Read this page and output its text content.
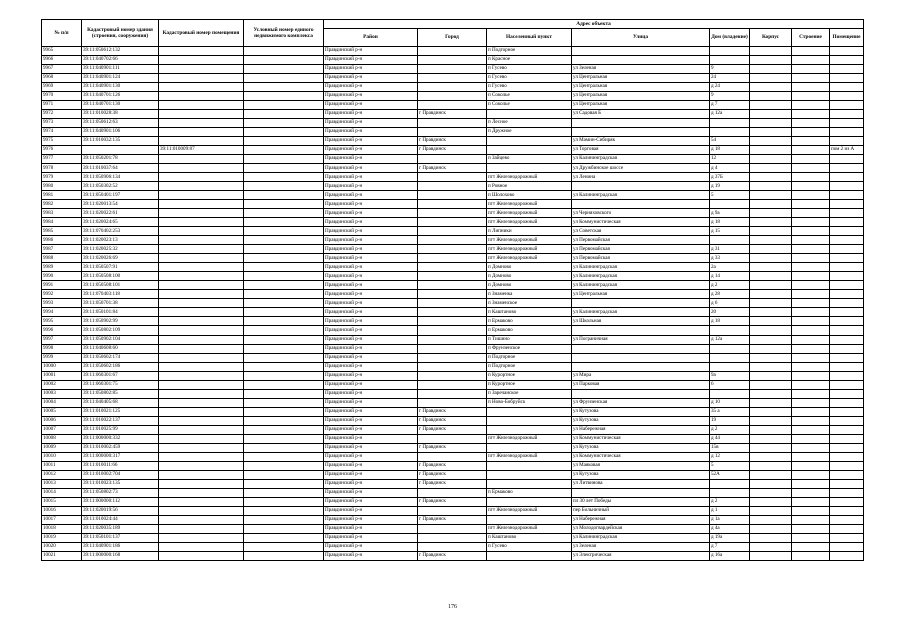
№ п/п	Кадастровый номер здания (строения, сооружения)	Кадастровый номер помещения	Условный номер единого недвижимого комплекса	Адрес объекта							
				Район	Город	Населенный пункт	Улица	Дом (владение)	Корпус	Строение	Помещение
9965	39:11:050612:132			Правдинский р-н		п Подгорное					
9966	39:11:040702:66			Правдинский р-н		п Красное					
9967	39:11:040901:111			Правдинский р-н		п Гусево	ул Зеленая	9			
9968	39:11:040901:124			Правдинский р-н		п Гусево	ул Центральная	24			
9969	39:11:040901:130			Правдинский р-н		п Гусево	ул Центральная	д 24			
9970	39:11:040701:126			Правдинский р-н		п Соколье	ул Центральная	9			
9971	39:11:040701:130			Правдинский р-н		п Соколье	ул Центральная	д 7			
9972	39:11:010028:38			Правдинский р-н	г Правдинск		ул Садовая Б	д 12а			
9973	39:11:050612:63			Правдинский р-н		п Лесное					
9974	39:11:040901:106			Правдинский р-н		п Дружное					
9975	39:11:010032:135			Правдинский р-н	г Правдинск		ул Мамин-Сибиряк	54			
9976		39:11:010009:87		Правдинский р-н	г Правдинск		ул Торговая	д 18			пом 2 из А
9977	39:11:050201:78			Правдинский р-н		п Зайцево	ул Калининградская	12			
9978	39:11:010037:64			Правдинский р-н	г Правдинск		ул Дружбинское шоссе	д 4			
9979	39:11:050906:134			Правдинский р-н		пгт Железнодорожный	ул Ленина	д 37Б			
9980	39:11:050302:52			Правдинский р-н		п Ровное		д 19			
9981	39:11:050401:197			Правдинский р-н		п Шолохово	ул Калининградская	5			
9982	39:11:020013:54			Правдинский р-н		пгт Железнодорожный					
9983	39:11:020022:61			Правдинский р-н		пгт Железнодорожный	ул Черняховского	д 9а			
9984	39:11:020024:65			Правдинский р-н		пгт Железнодорожный	ул Коммунистическая	д 18			
9985	39:11:070402:253			Правдинский р-н		п Липники	ул Советская	д 15			
9986	39:11:020023:13			Правдинский р-н		пгт Железнодорожный	ул Первомайская				
9987	39:11:020025:32			Правдинский р-н		пгт Железнодорожный	ул Первомайская	д 31			
9988	39:11:020026:69			Правдинский р-н		пгт Железнодорожный	ул Первомайская	д 33			
9989	39:11:050507:91			Правдинский р-н		п Домново	ул Калининградская	2а			
9990	39:11:050508:100			Правдинский р-н		п Домново	ул Калининградская	д 14			
9991	39:11:050508:101			Правдинский р-н		п Домново	ул Калининградская	д 2			
9992	39:11:070403:118			Правдинский р-н		п Знаменка	ул Центральная	д 28			
9993	39:11:050701:38			Правдинский р-н		п Знаменское		д 6			
9994	39:11:050101:84			Правдинский р-н		п Каштаново	ул Калининградская	20			
9995	39:11:050902:99			Правдинский р-н		п Ермаково	ул Школьная	д 18			
9996	39:11:050802:109			Правдинский р-н		п Ермаково					
9997	39:11:050902:104			Правдинский р-н		п Тишино	ул Пограничная	д 12а			
9998	39:11:040608:60			Правдинский р-н		п Фрунзенское					
9999	39:11:050602:174			Правдинский р-н		п Подгорное					
10000	39:11:050602:186			Правдинский р-н		п Подгорное					
10001	39:11:060301:67			Правдинский р-н		п Курортное	ул Мира	9а			
10002	39:11:060301:75			Правдинский р-н		п Курортное	ул Парковая	6			
10003	39:11:050802:85			Правдинский р-н		п Заречанское					
10004	39:11:040405:68			Правдинский р-н		п Ново-Бобруйск	ул Фрунзенская	д 10			
10005	39:11:010021:125			Правдинский р-н	г Правдинск		ул Кутузова	35 а			
10006	39:11:010022:137			Правдинский р-н	г Правдинск		ул Кутузова	19			
10007	39:11:010025:99			Правдинский р-н	г Правдинск		ул Набережная	д 2			
10008	39:11:000000:332			Правдинский р-н		пгт Железнодорожный	ул Коммунистическая	д 44			
10009	39:11:010002:459			Правдинский р-н	г Правдинск		ул Кутузова	15в			
10010	39:11:000000:317			Правдинский р-н		пгт Железнодорожный	ул Коммунистическая	д 12			
10011	39:11:010011:66			Правдинский р-н	г Правдинск		ул Маяковая	5			
10012	39:11:010002:704			Правдинский р-н	г Правдинск		ул Кутузова	52А			
10013	39:11:010023:135			Правдинский р-н	г Правдинск		ул Литвинова				
10014	39:11:050802:73			Правдинский р-н		п Ермаково					
10015	39:11:000000:112			Правдинский р-н	г Правдинск		пл 30 лет Победы	д 2			
10016	39:11:020019:56			Правдинский р-н		пгт Железнодорожный	пер Больничный	д 1			
10017	39:11:010024:44			Правдинский р-н	г Правдинск		ул Набережная	д 1а			
10018	39:11:020035:189			Правдинский р-н		пгт Железнодорожный	ул Молодогвардейская	д 4а			
10019	39:11:050101:137			Правдинский р-н		п Каштаново	ул Калининградская	д 19а			
10020	39:11:040901:186			Правдинский р-н		п Гусево	ул Зеленая	д 7			
10021	39:11:000000:168			Правдинский р-н	г Правдинск		ул Электрическая	д 16а			
176
